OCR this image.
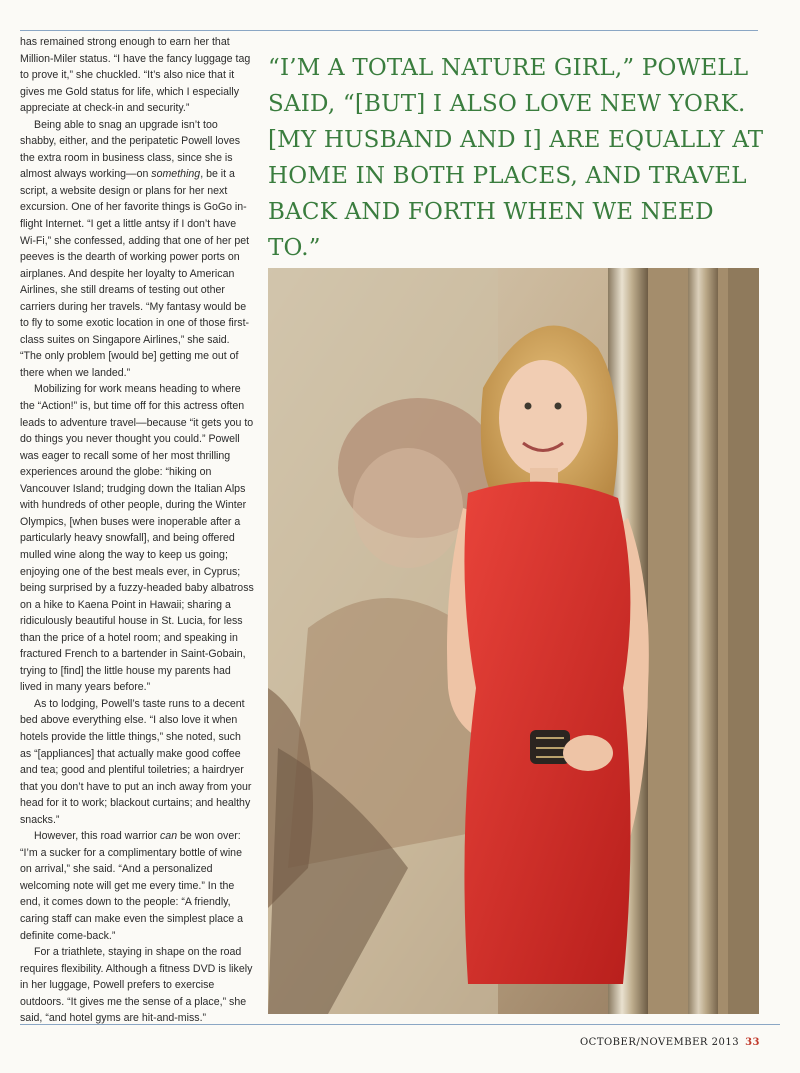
has remained strong enough to earn her that Million-Miler status. “I have the fancy luggage tag to prove it,” she chuckled. “It’s also nice that it gives me Gold status for life, which I especially appreciate at check-in and security.”

Being able to snag an upgrade isn’t too shabby, either, and the peripatetic Powell loves the extra room in business class, since she is almost always working—on something, be it a script, a website design or plans for her next excursion. One of her favorite things is GoGo in-flight Internet. “I get a little antsy if I don’t have Wi-Fi,” she confessed, adding that one of her pet peeves is the dearth of working power ports on airplanes. And despite her loyalty to American Airlines, she still dreams of testing out other carriers during her travels. “My fantasy would be to fly to some exotic location in one of those first-class suites on Singapore Airlines,” she said. “The only problem [would be] getting me out of there when we landed.”

Mobilizing for work means heading to where the “Action!” is, but time off for this actress often leads to adventure travel—because “it gets you to do things you never thought you could.” Powell was eager to recall some of her most thrilling experiences around the globe: “hiking on Vancouver Island; trudging down the Italian Alps with hundreds of other people, during the Winter Olympics, [when buses were inoperable after a particularly heavy snowfall], and being offered mulled wine along the way to keep us going; enjoying one of the best meals ever, in Cyprus; being surprised by a fuzzy-headed baby albatross on a hike to Kaena Point in Hawaii; sharing a ridiculously beautiful house in St. Lucia, for less than the price of a hotel room; and speaking in fractured French to a bartender in Saint-Gobain, trying to [find] the little house my parents had lived in many years before.”

As to lodging, Powell’s taste runs to a decent bed above everything else. “I also love it when hotels provide the little things,” she noted, such as “[appliances] that actually make good coffee and tea; good and plentiful toiletries; a hairdryer that you don’t have to put an inch away from your head for it to work; blackout curtains; and healthy snacks.”

However, this road warrior can be won over: “I’m a sucker for a complimentary bottle of wine on arrival,” she said. “And a personalized welcoming note will get me every time.” In the end, it comes down to the people: “A friendly, caring staff can make even the simplest place a definite come-back.”

For a triathlete, staying in shape on the road requires flexibility. Although a fitness DVD is likely in her luggage, Powell prefers to exercise outdoors. “It gives me the sense of a place,” she said, “and hotel gyms are hit-and-miss.”

“I’M A TOTAL NATURE GIRL,” POWELL SAID, “[BUT] I ALSO LOVE NEW YORK. [MY HUSBAND AND I] ARE EQUALLY AT HOME IN BOTH PLACES, AND TRAVEL BACK AND FORTH WHEN WE NEED TO.”
OCTOBER/NOVEMBER 2013 33
